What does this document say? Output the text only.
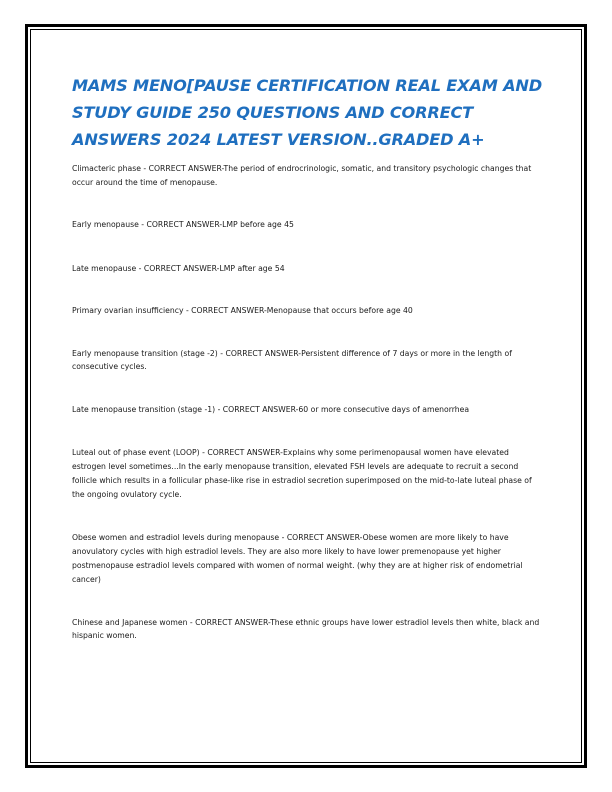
MAMS MENO[PAUSE CERTIFICATION REAL EXAM AND STUDY GUIDE 250 QUESTIONS AND CORRECT ANSWERS 2024 LATEST VERSION..GRADED A+

Climacteric phase - CORRECT ANSWER-The period of endrocrinologic, somatic, and transitory psychologic changes that occur around the time of menopause.

Early menopause - CORRECT ANSWER-LMP before age 45

Late menopause - CORRECT ANSWER-LMP after age 54

Primary ovarian insufficiency - CORRECT ANSWER-Menopause that occurs before age 40

Early menopause transition (stage -2) - CORRECT ANSWER-Persistent difference of 7 days or more in the length of consecutive cycles.

Late menopause transition (stage -1) - CORRECT ANSWER-60 or more consecutive days of amenorrhea

Luteal out of phase event (LOOP) - CORRECT ANSWER-Explains why some perimenopausal women have elevated estrogen level sometimes...In the early menopause transition, elevated FSH levels are adequate to recruit a second follicle which results in a follicular phase-like rise in estradiol secretion superimposed on the mid-to-late luteal phase of the ongoing ovulatory cycle.

Obese women and estradiol levels during menopause - CORRECT ANSWER-Obese women are more likely to have anovulatory cycles with high estradiol levels. They are also more likely to have lower premenopause yet higher postmenopause estradiol levels compared with women of normal weight. (why they are at higher risk of endometrial cancer)

Chinese and Japanese women - CORRECT ANSWER-These ethnic groups have lower estradiol levels then white, black and hispanic women.
